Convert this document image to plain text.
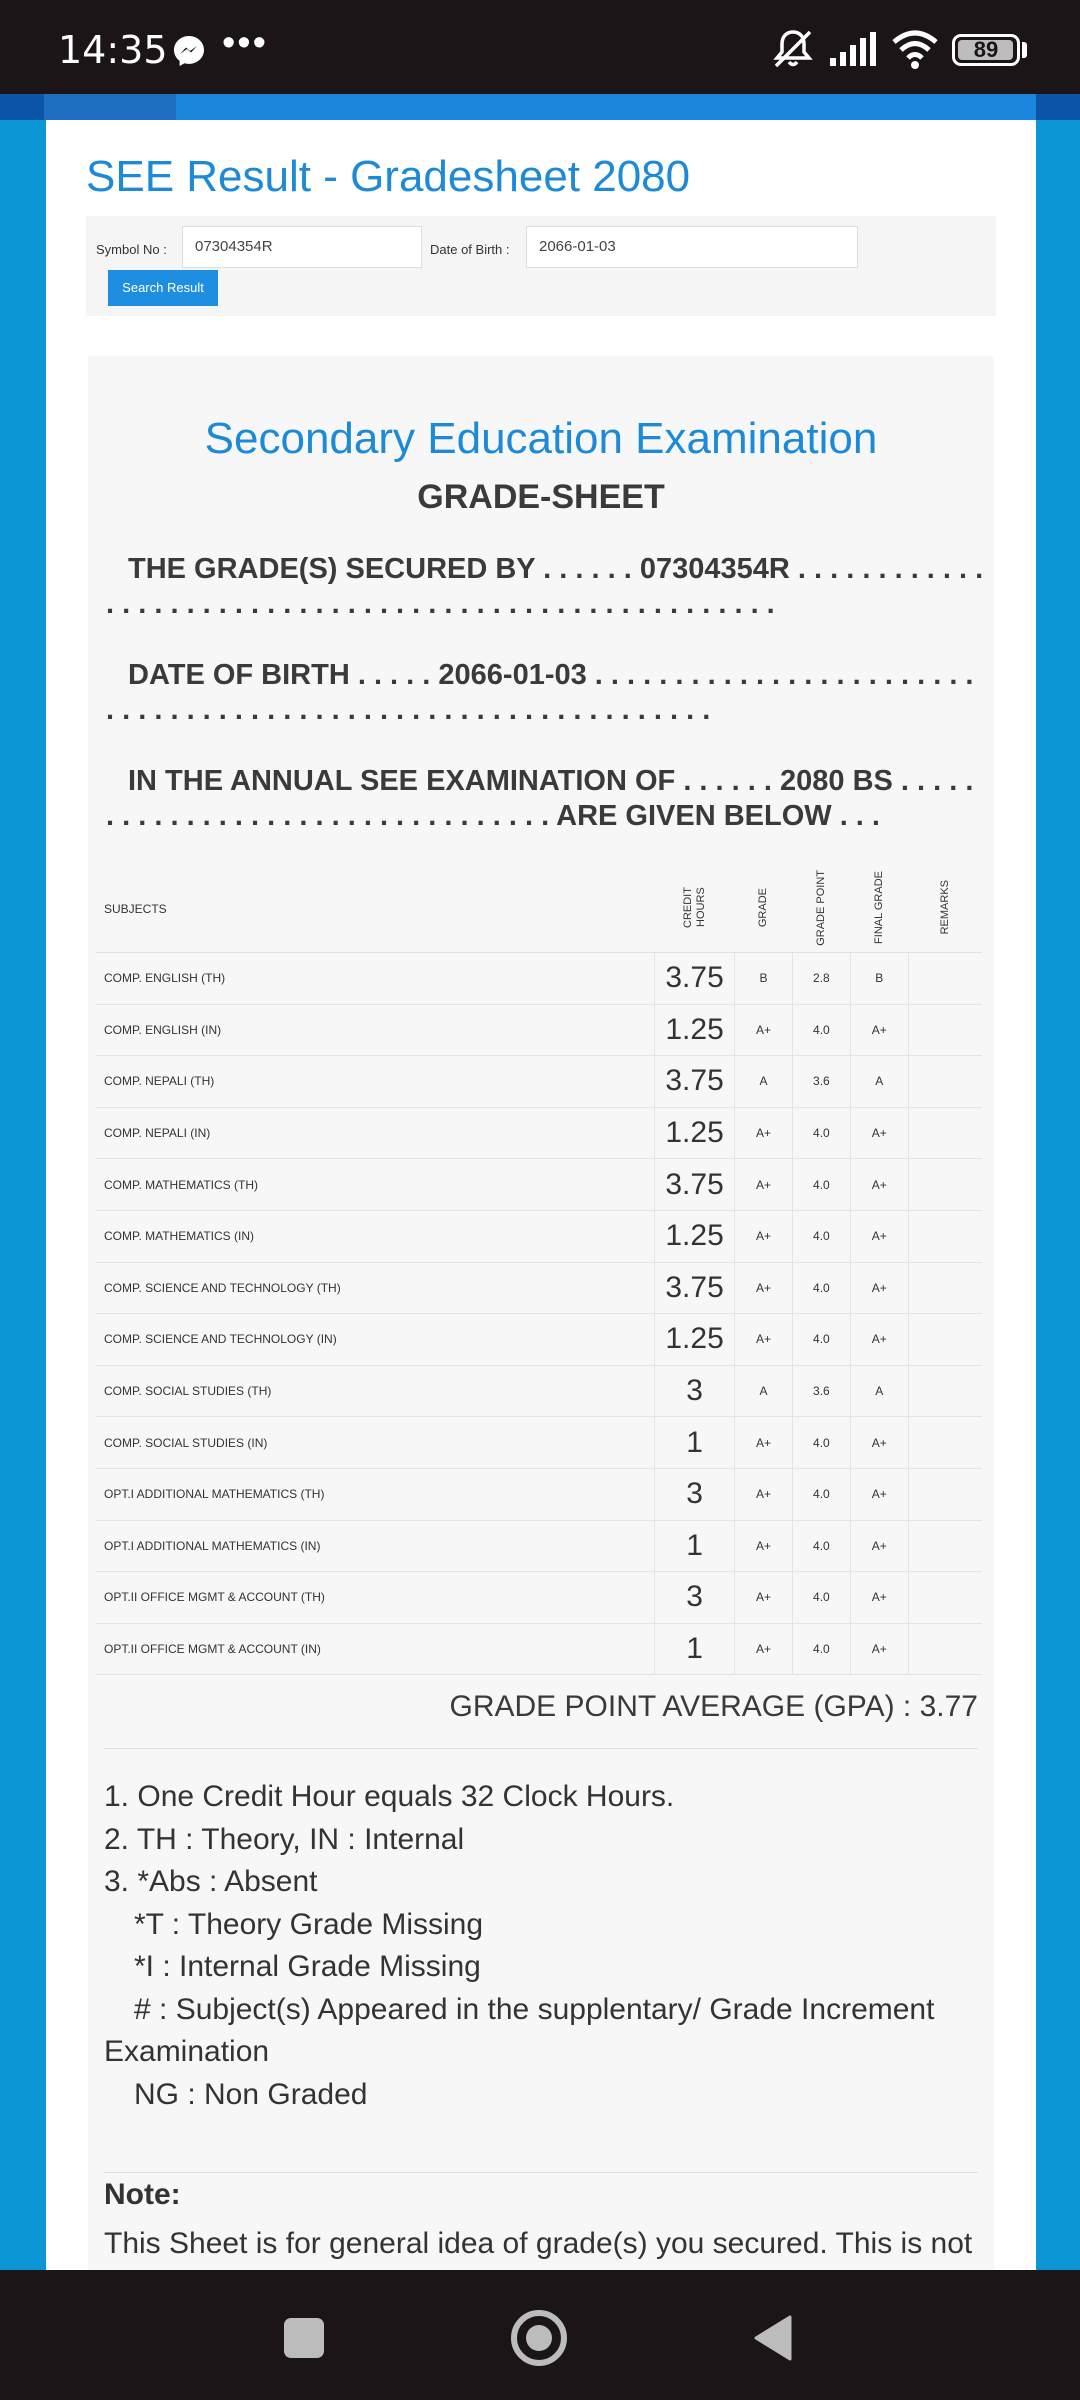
14:35 •••	89
SEE Result - Gradesheet 2080
Symbol No :	07304354R	Date of Birth :	2066-01-03
Search Result
Secondary Education Examination
GRADE-SHEET
THE GRADE(S) SECURED BY . . . . . . 07304354R . . . . . . . . . . . . . . . . . . . . . . . . . . . . . . . . . . . . . . . . . . . . . . . . . . . . . .
DATE OF BIRTH . . . . . 2066-01-03 . . . . . . . . . . . . . . . . . . . . . . . . . . . . . . . . . . . . . . . . . . . . . . . . . . . . . . . . . . . . . .
IN THE ANNUAL SEE EXAMINATION OF . . . . . . 2080 BS . . . . . . . . . . . . . . . . . . . . . . . . . . . . . . . . . ARE GIVEN BELOW . . .
SUBJECTS	CREDIT HOURS	GRADE	GRADE POINT	FINAL GRADE	REMARKS
COMP. ENGLISH (TH)	3.75	B	2.8	B	
COMP. ENGLISH (IN)	1.25	A+	4.0	A+	
COMP. NEPALI (TH)	3.75	A	3.6	A	
COMP. NEPALI (IN)	1.25	A+	4.0	A+	
COMP. MATHEMATICS (TH)	3.75	A+	4.0	A+	
COMP. MATHEMATICS (IN)	1.25	A+	4.0	A+	
COMP. SCIENCE AND TECHNOLOGY (TH)	3.75	A+	4.0	A+	
COMP. SCIENCE AND TECHNOLOGY (IN)	1.25	A+	4.0	A+	
COMP. SOCIAL STUDIES (TH)	3	A	3.6	A	
COMP. SOCIAL STUDIES (IN)	1	A+	4.0	A+	
OPT.I ADDITIONAL MATHEMATICS (TH)	3	A+	4.0	A+	
OPT.I ADDITIONAL MATHEMATICS (IN)	1	A+	4.0	A+	
OPT.II OFFICE MGMT & ACCOUNT (TH)	3	A+	4.0	A+	
OPT.II OFFICE MGMT & ACCOUNT (IN)	1	A+	4.0	A+	
GRADE POINT AVERAGE (GPA) : 3.77
1. One Credit Hour equals 32 Clock Hours.
2. TH : Theory, IN : Internal
3. *Abs : Absent
*T : Theory Grade Missing
*I : Internal Grade Missing
# : Subject(s) Appeared in the supplentary/ Grade Increment Examination
NG : Non Graded
Note:
This Sheet is for general idea of grade(s) you secured. This is not
